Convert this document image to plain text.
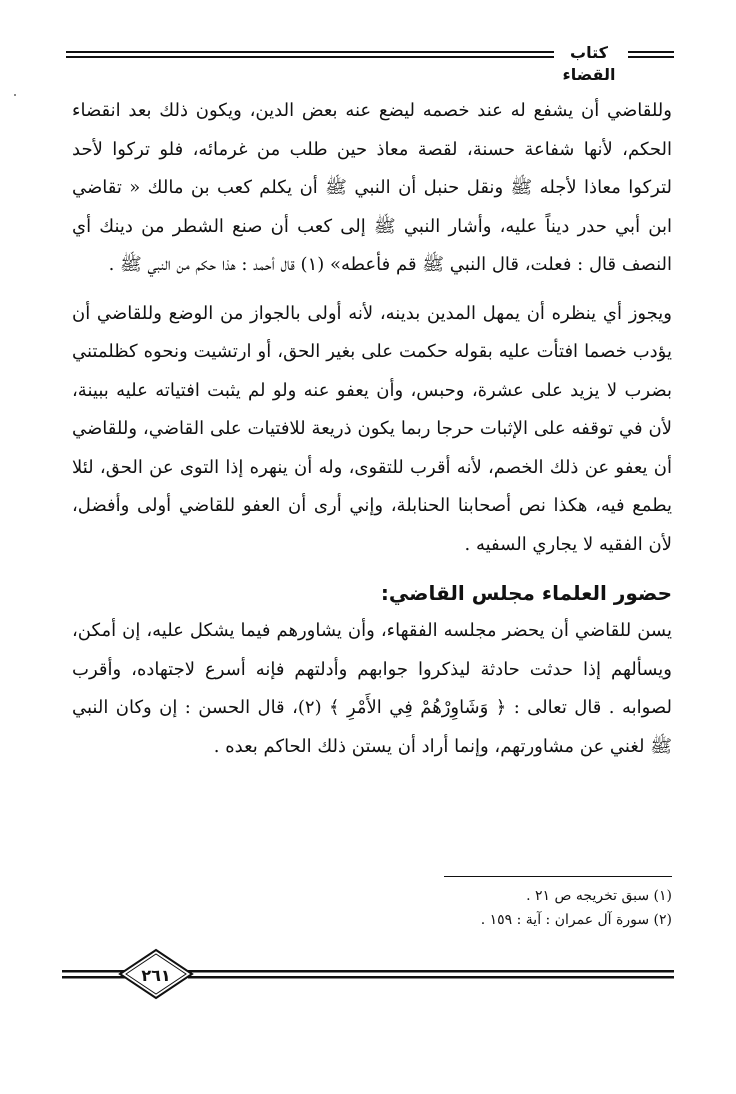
كتاب القضاء

وللقاضي أن يشفع له عند خصمه ليضع عنه بعض الدين، ويكون ذلك بعد انقضاء الحكم، لأنها شفاعة حسنة، لقصة معاذ حين طلب من غرمائه، فلو تركوا لأحد لتركوا معاذا لأجله ﷺ ونقل حنبل أن النبي ﷺ أن يكلم كعب بن مالك « تقاضي ابن أبي حدر ديناً عليه، وأشار النبي ﷺ إلى كعب أن صنع الشطر من دينك أي النصف قال : فعلت، قال النبي ﷺ قم فأعطه» (١) قال أحمد : هذا حكم من النبي ﷺ .

ويجوز أي ينظره أن يمهل المدين بدينه، لأنه أولى بالجواز من الوضع وللقاضي أن يؤدب خصما افتأت عليه بقوله حكمت على بغير الحق، أو ارتشيت ونحوه كظلمتني بضرب لا يزيد على عشرة، وحبس، وأن يعفو عنه ولو لم يثبت افتياته عليه ببينة، لأن في توقفه على الإثبات حرجا ربما يكون ذريعة للافتيات على القاضي، وللقاضي أن يعفو عن ذلك الخصم، لأنه أقرب للتقوى، وله أن ينهره إذا التوى عن الحق، لئلا يطمع فيه، هكذا نص أصحابنا الحنابلة، وإني أرى أن العفو للقاضي أولى وأفضل، لأن الفقيه لا يجاري السفيه .

حضور العلماء مجلس القاضي:

يسن للقاضي أن يحضر مجلسه الفقهاء، وأن يشاورهم فيما يشكل عليه، إن أمكن، ويسألهم إذا حدثت حادثة ليذكروا جوابهم وأدلتهم فإنه أسرع لاجتهاده، وأقرب لصوابه . قال تعالى : ﴿ وَشَاوِرْهُمْ فِي الأَمْرِ ﴾ (٢)، قال الحسن : إن وكان النبي ﷺ لغني عن مشاورتهم، وإنما أراد أن يستن ذلك الحاكم بعده .

(١) سبق تخريجه ص ٢١ .
(٢) سورة آل عمران : آية : ١٥٩ .
٢٦١
